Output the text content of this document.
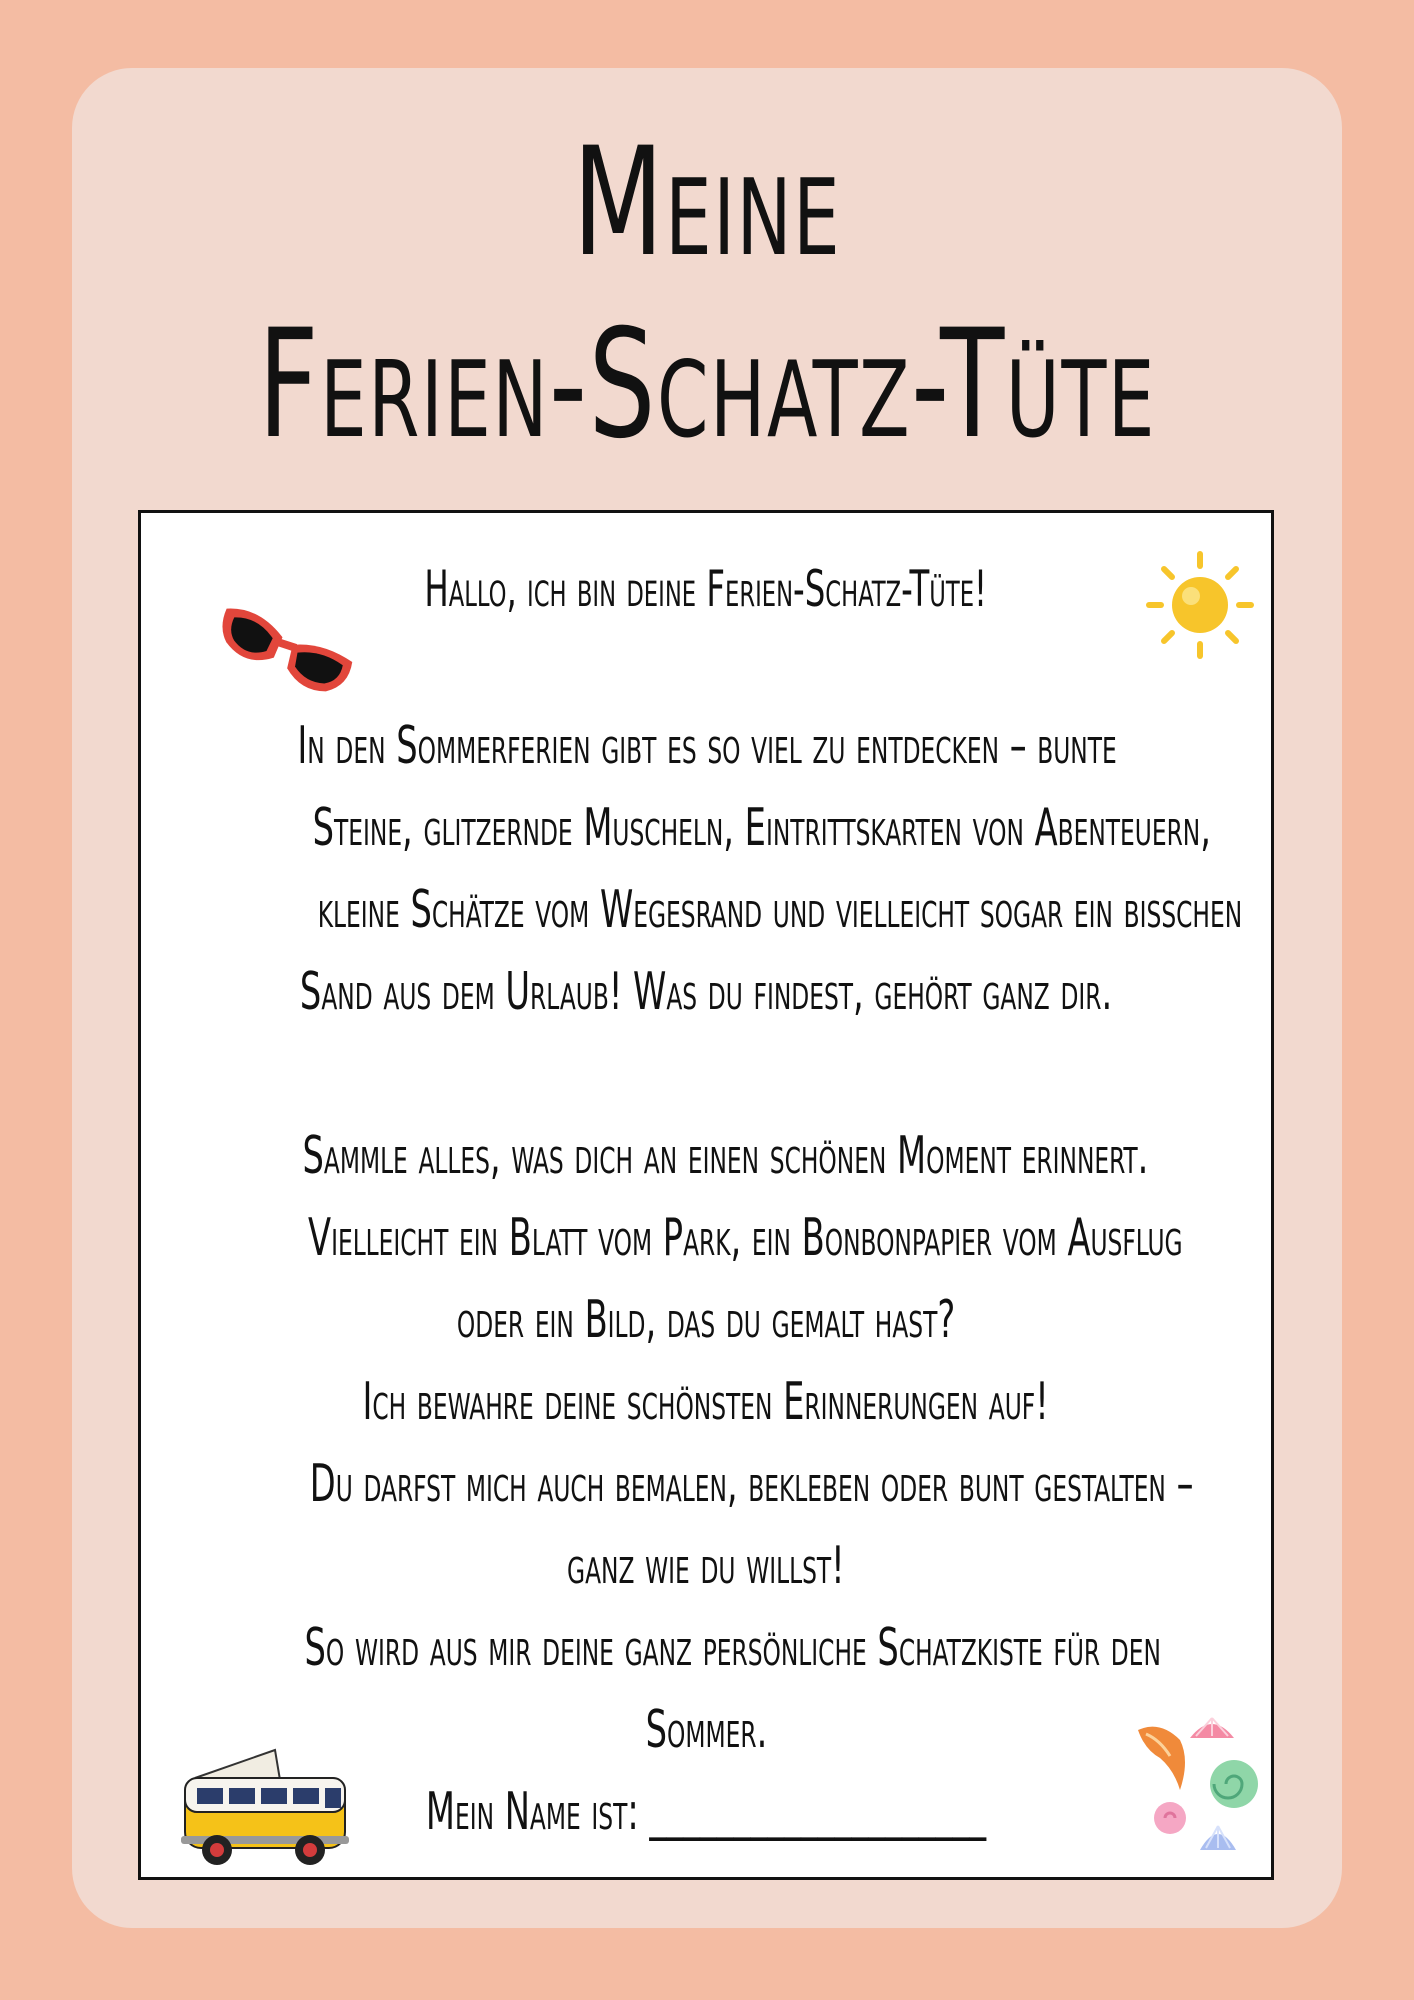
Meine
Ferien-Schatz-Tüte
Hallo, ich bin deine Ferien-Schatz-Tüte!
In den Sommerferien gibt es so viel zu entdecken – bunte
Steine, glitzernde Muscheln, Eintrittskarten von Abenteuern,
kleine Schätze vom Wegesrand und vielleicht sogar ein bisschen
Sand aus dem Urlaub! Was du findest, gehört ganz dir.
Sammle alles, was dich an einen schönen Moment erinnert.
Vielleicht ein Blatt vom Park, ein Bonbonpapier vom Ausflug
oder ein Bild, das du gemalt hast?
Ich bewahre deine schönsten Erinnerungen auf!
Du darfst mich auch bemalen, bekleben oder bunt gestalten –
ganz wie du willst!
So wird aus mir deine ganz persönliche Schatzkiste für den
Sommer.
Mein Name ist: ____________________
